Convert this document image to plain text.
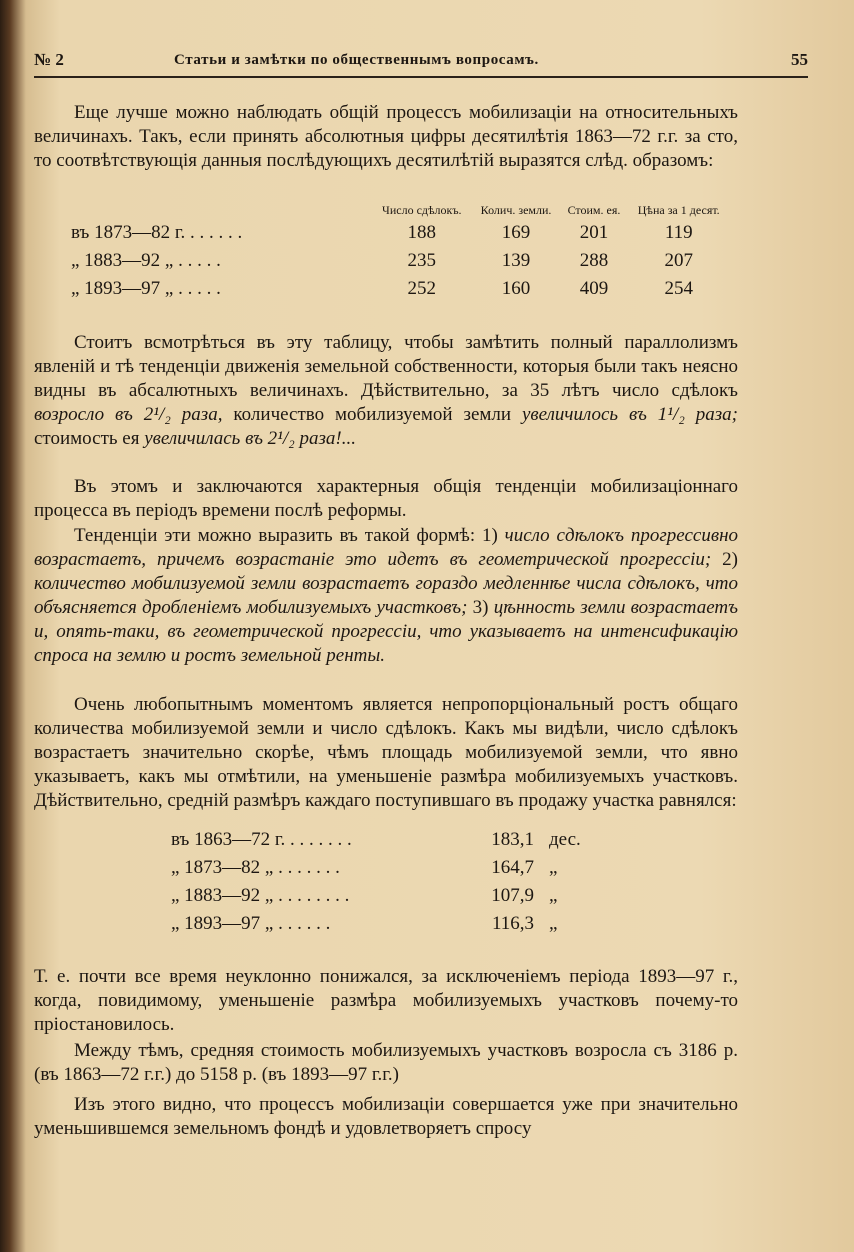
№ 2	Статьи и замѣтки по общественнымъ вопросамъ.	55

Еще лучше можно наблюдать общій процессъ мобилизаціи на относительныхъ величинахъ. Такъ, если принять абсолютныя цифры десятилѣтія 1863—72 г.г. за сто, то соотвѣтствующія данныя послѣдующихъ десятилѣтій выразятся слѣд. образомъ:

	Число сдѣлокъ.	Колич. земли.	Стоим. ея.	Цѣна за 1 десят.
въ 1873—82 г. . . . . . .	188	169	201	119
„ 1883—92 „ . . . . .	235	139	288	207
„ 1893—97 „ . . . . .	252	160	409	254

Стоитъ всмотрѣться въ эту таблицу, чтобы замѣтить полный параллолизмъ явленій и тѣ тенденціи движенія земельной собственности, которыя были такъ неясно видны въ абсалютныхъ величинахъ. Дѣйствительно, за 35 лѣтъ число сдѣлокъ возросло въ 2¹/₂ раза, количество мобилизуемой земли увеличилось въ 1¹/₂ раза; стоимость ея увеличилась въ 2¹/₂ раза!...

Въ этомъ и заключаются характерныя общія тенденціи мобилизаціоннаго процесса въ періодъ времени послѣ реформы.

Тенденціи эти можно выразить въ такой формѣ: 1) число сдѣлокъ прогрессивно возрастаетъ, причемъ возрастаніе это идетъ въ геометрической прогрессіи; 2) количество мобилизуемой земли возрастаетъ гораздо медленнѣе числа сдѣлокъ, что объясняется дробленіемъ мобилизуемыхъ участковъ; 3) цѣнность земли возрастаетъ и, опять-таки, въ геометрической прогрессіи, что указываетъ на интенсификацію спроса на землю и ростъ земельной ренты.

Очень любопытнымъ моментомъ является непропорціональный ростъ общаго количества мобилизуемой земли и число сдѣлокъ. Какъ мы видѣли, число сдѣлокъ возрастаетъ значительно скорѣе, чѣмъ площадь мобилизуемой земли, что явно указываетъ, какъ мы отмѣтили, на уменьшеніе размѣра мобилизуемыхъ участковъ. Дѣйствительно, средній размѣръ каждаго поступившаго въ продажу участка равнялся:

въ 1863—72 г. . . . . . . .	183,1	дес.
„ 1873—82 „ . . . . . . .	164,7	„
„ 1883—92 „ . . . . . . . .	107,9	„
„ 1893—97 „ . . . . . .	116,3	„

Т. е. почти все время неуклонно понижался, за исключеніемъ періода 1893—97 г., когда, повидимому, уменьшеніе размѣра мобилизуемыхъ участковъ почему-то пріостановилось.

Между тѣмъ, средняя стоимость мобилизуемыхъ участковъ возросла съ 3186 р. (въ 1863—72 г.г.) до 5158 р. (въ 1893—97 г.г.)

Изъ этого видно, что процессъ мобилизаціи совершается уже при значительно уменьшившемся земельномъ фондѣ и удовлетворяетъ спросу
